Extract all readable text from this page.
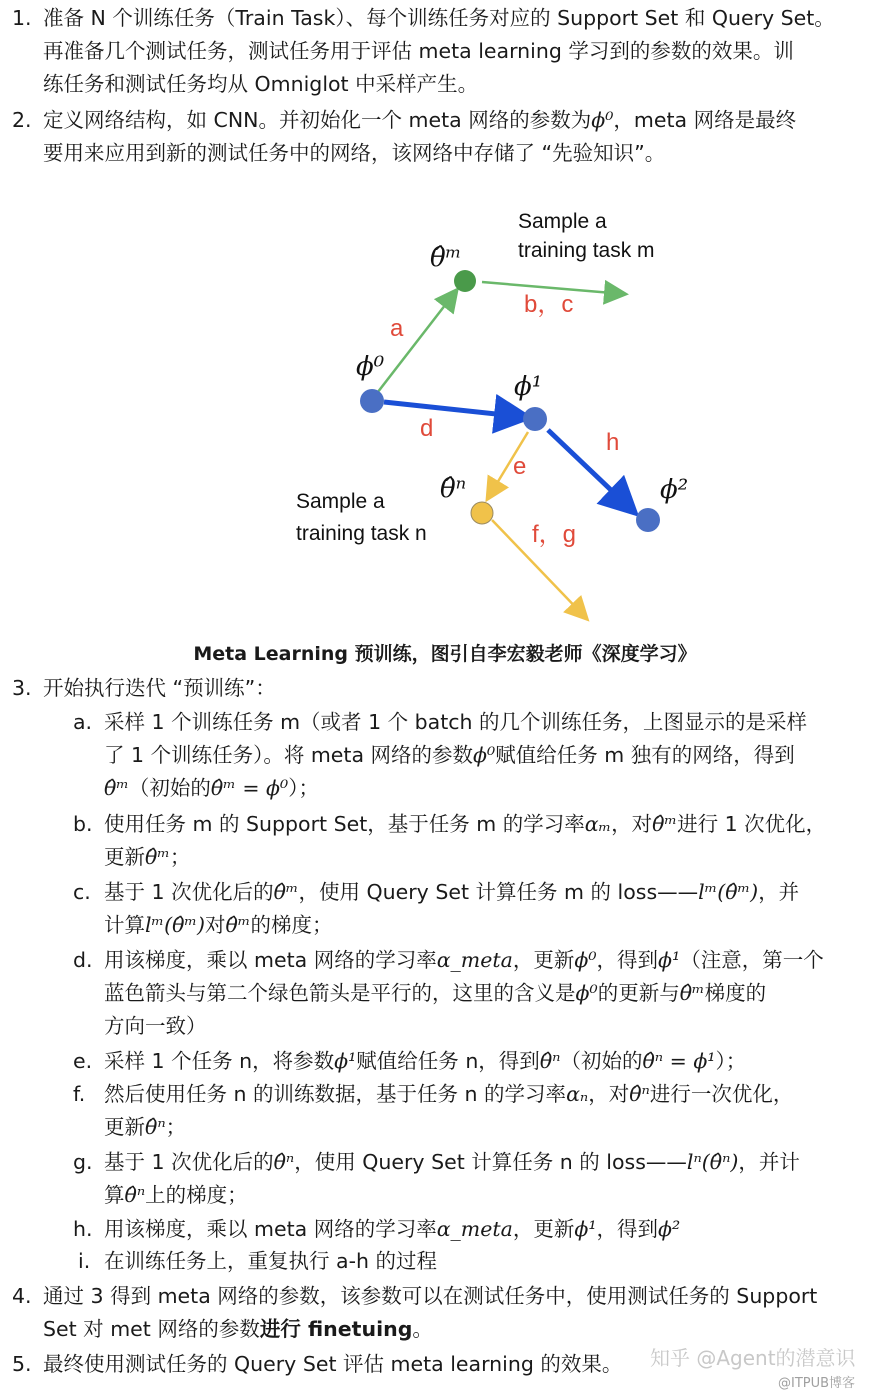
1. 准备 N 个训练任务（Train Task）、每个训练任务对应的 Support Set 和 Query Set。
再准备几个测试任务，测试任务用于评估 meta learning 学习到的参数的效果。训
练任务和测试任务均从 Omniglot 中采样产生。
2. 定义网络结构，如 CNN。并初始化一个 meta 网络的参数为ϕ⁰，meta 网络是最终
要用来应用到新的测试任务中的网络，该网络中存储了 “先验知识”。
Sample a
training task m
θ̂ᵐ
a
b，c
ϕ⁰
ϕ¹
d
h
e
θ̂ⁿ	ϕ²
Sample a
training task n	f，g
Meta Learning 预训练，图引自李宏毅老师《深度学习》
3. 开始执行迭代 “预训练”：
a. 采样 1 个训练任务 m（或者 1 个 batch 的几个训练任务，上图显示的是采样
了 1 个训练任务）。将 meta 网络的参数ϕ⁰赋值给任务 m 独有的网络，得到
θ̂ᵐ（初始的θ̂ᵐ = ϕ⁰）；
b. 使用任务 m 的 Support Set，基于任务 m 的学习率αₘ，对θ̂ᵐ进行 1 次优化，
更新θ̂ᵐ；
c. 基于 1 次优化后的θ̂ᵐ，使用 Query Set 计算任务 m 的 loss——lᵐ(θ̂ᵐ)，并
计算lᵐ(θ̂ᵐ)对θ̂ᵐ的梯度；
d. 用该梯度，乘以 meta 网络的学习率α_meta，更新ϕ⁰，得到ϕ¹（注意，第一个
蓝色箭头与第二个绿色箭头是平行的，这里的含义是ϕ⁰的更新与θ̂ᵐ梯度的
方向一致）
e. 采样 1 个任务 n，将参数ϕ¹赋值给任务 n，得到θ̂ⁿ（初始的θ̂ⁿ = ϕ¹）；
f. 然后使用任务 n 的训练数据，基于任务 n 的学习率αₙ，对θ̂ⁿ进行一次优化，
更新θ̂ⁿ；
g. 基于 1 次优化后的θ̂ⁿ，使用 Query Set 计算任务 n 的 loss——lⁿ(θ̂ⁿ)，并计
算θ̂ⁿ上的梯度；
h. 用该梯度，乘以 meta 网络的学习率α_meta，更新ϕ¹，得到ϕ²
i. 在训练任务上，重复执行 a-h 的过程
4. 通过 3 得到 meta 网络的参数，该参数可以在测试任务中，使用测试任务的 Support
Set 对 met 网络的参数进行 finetuing。
5. 最终使用测试任务的 Query Set 评估 meta learning 的效果。 知乎 @Agent的潜意识
@ITPUB博客
